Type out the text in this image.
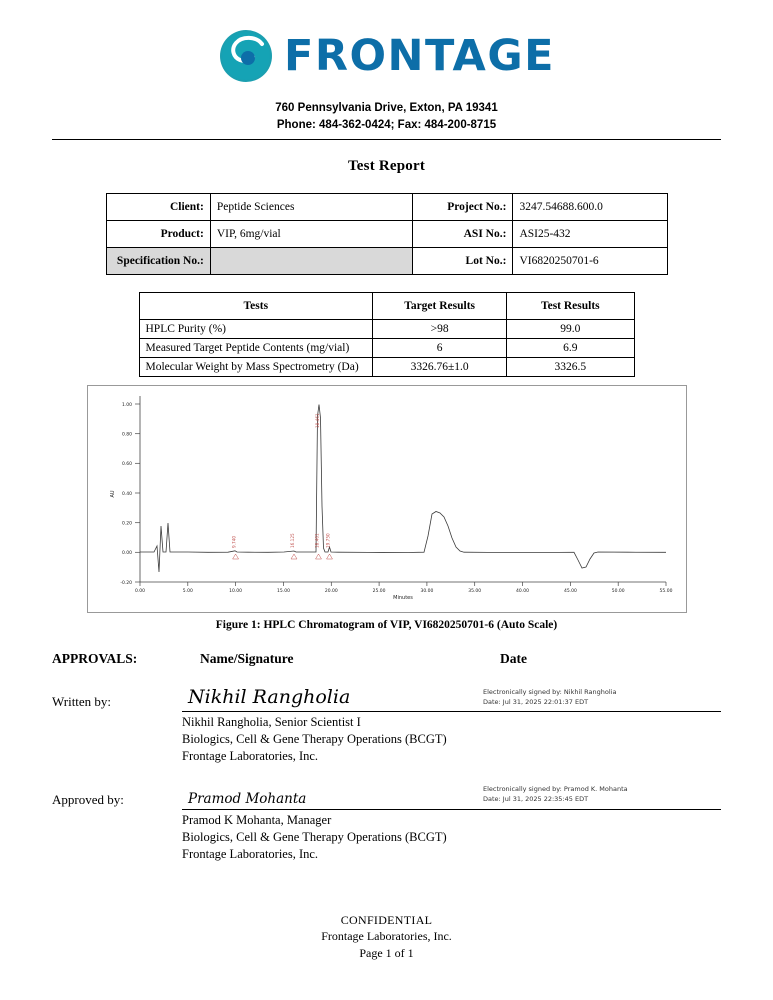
FRONTAGE
760 Pennsylvania Drive, Exton, PA 19341
Phone: 484-362-0424; Fax: 484-200-8715
Test Report
Client:	Peptide Sciences	Project No.:	3247.54688.600.0
Product:	VIP, 6mg/vial	ASI No.:	ASI25-432
Specification No.:		Lot No.:	VI6820250701-6
Tests	Target Results	Test Results
HPLC Purity (%)	>98	99.0
Measured Target Peptide Contents (mg/vial)	6	6.9
Molecular Weight by Mass Spectrometry (Da)	3326.76±1.0	3326.5
1.00
0.80
0.60
0.40
0.20
0.00
-0.20
AU
0.00	5.00	10.00	15.00	20.00	25.00	30.00	35.00	40.00	45.00	50.00	55.00
Minutes
9.740	16.125	18.461 19.750
18.461
Figure 1: HPLC Chromatogram of VIP, VI6820250701-6 (Auto Scale)
APPROVALS:	Name/Signature	Date
Written by:	Nikhil Rangholia	Electronically signed by: Nikhil Rangholia
Date: Jul 31, 2025 22:01:37 EDT
Nikhil Rangholia, Senior Scientist I
Biologics, Cell & Gene Therapy Operations (BCGT)
Frontage Laboratories, Inc.
Approved by:	Pramod Mohanta
Electronically signed by: Pramod K. Mohanta
Date: Jul 31, 2025 22:35:45 EDT
Pramod K Mohanta, Manager
Biologics, Cell & Gene Therapy Operations (BCGT)
Frontage Laboratories, Inc.
CONFIDENTIAL
Frontage Laboratories, Inc.
Page 1 of 1
